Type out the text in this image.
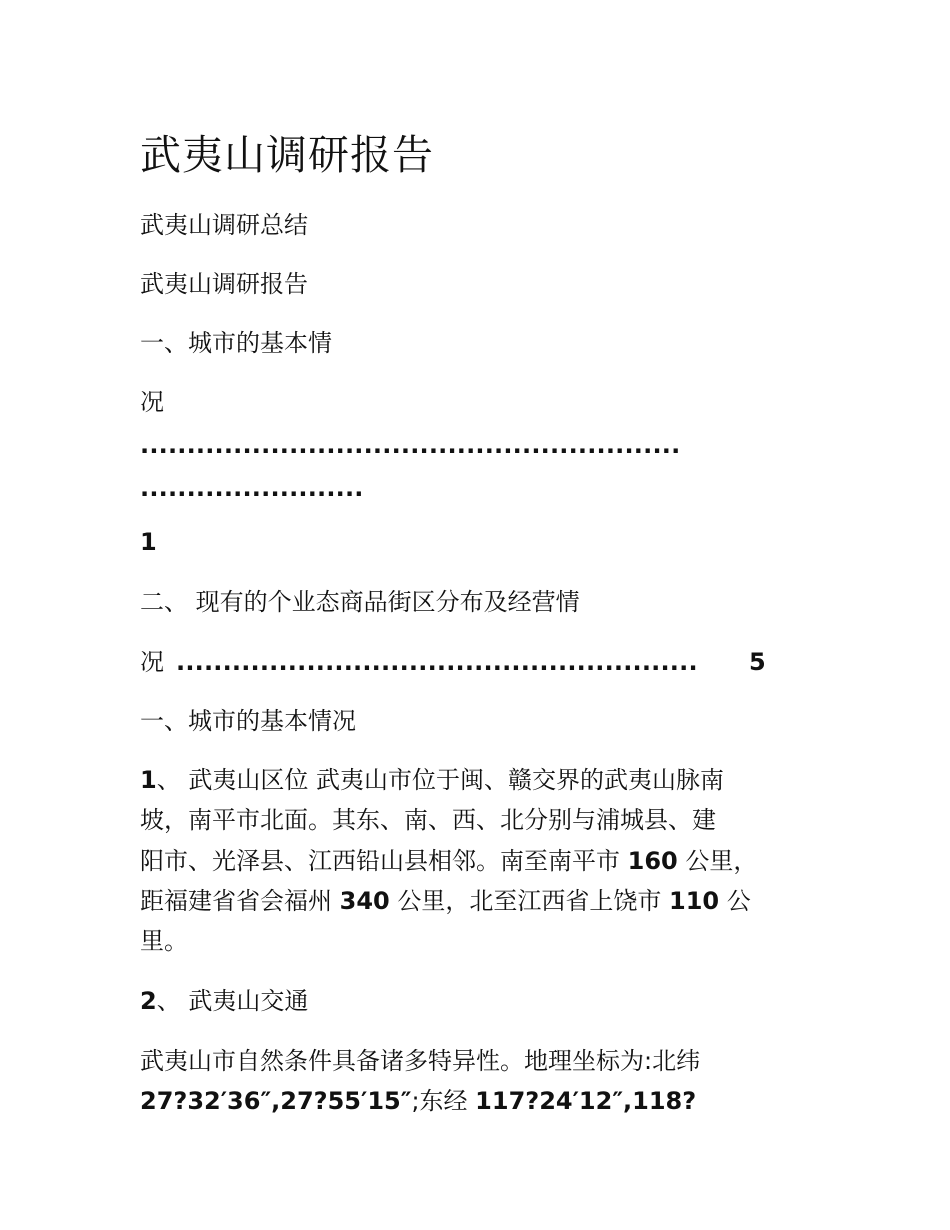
武夷山调研报告
武夷山调研总结
武夷山调研报告
一、城市的基本情
况
..........................................................
........................
1
二、 现有的个业态商品街区分布及经营情
况 ........................................................	5
一、城市的基本情况
1、 武夷山区位 武夷山市位于闽、赣交界的武夷山脉南
坡，南平市北面。其东、南、西、北分别与浦城县、建
阳市、光泽县、江西铅山县相邻。南至南平市 160 公里，
距福建省省会福州 340 公里，北至江西省上饶市 110 公
里。
2、 武夷山交通
武夷山市自然条件具备诸多特异性。地理坐标为:北纬
27?32′36″,27?55′15″;东经 117?24′12″,118?
